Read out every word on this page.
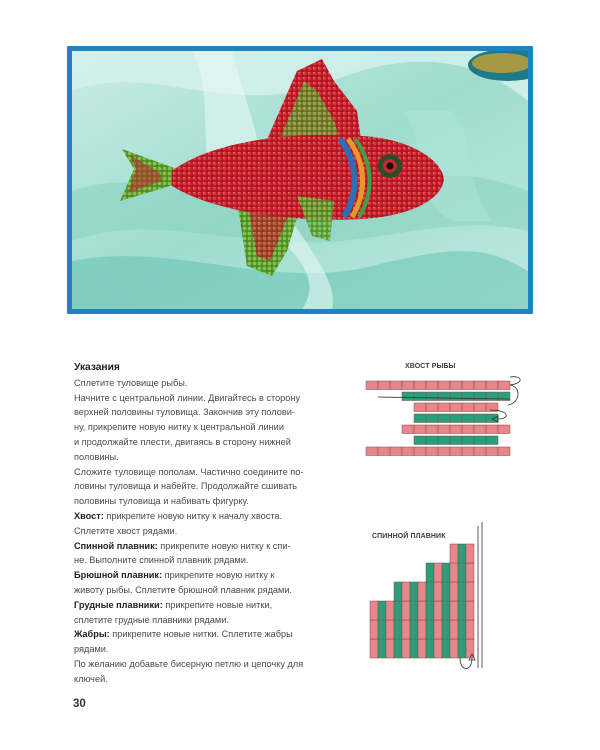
Указания

Сплетите туловище рыбы.

Начните с центральной линии. Двигайтесь в сторону

верхней половины туловища. Закончив эту полови-

ну, прикрепите новую нитку к центральной линии

и продолжайте плести, двигаясь в сторону нижней

половины.

Сложите туловище пополам. Частично соедините по-

ловины туловища и набейте. Продолжайте сшивать

половины туловища и набивать фигурку.

Хвост: прикрепите новую нитку к началу хвоста.

Сплетите хвост рядами.

Спинной плавник: прикрепите новую нитку к спи-

не. Выполните спинной плавник рядами.

Брюшной плавник: прикрепите новую нитку к

животу рыбы. Сплетите брюшной плавник рядами.

Грудные плавники: прикрепите новые нитки,

сплетите грудные плавники рядами.

Жабры: прикрепите новые нитки. Сплетите жабры

рядами.

По желанию добавьте бисерную петлю и цепочку для

ключей.

ХВОСТ РЫБЫ
СПИННОЙ ПЛАВНИК
30
